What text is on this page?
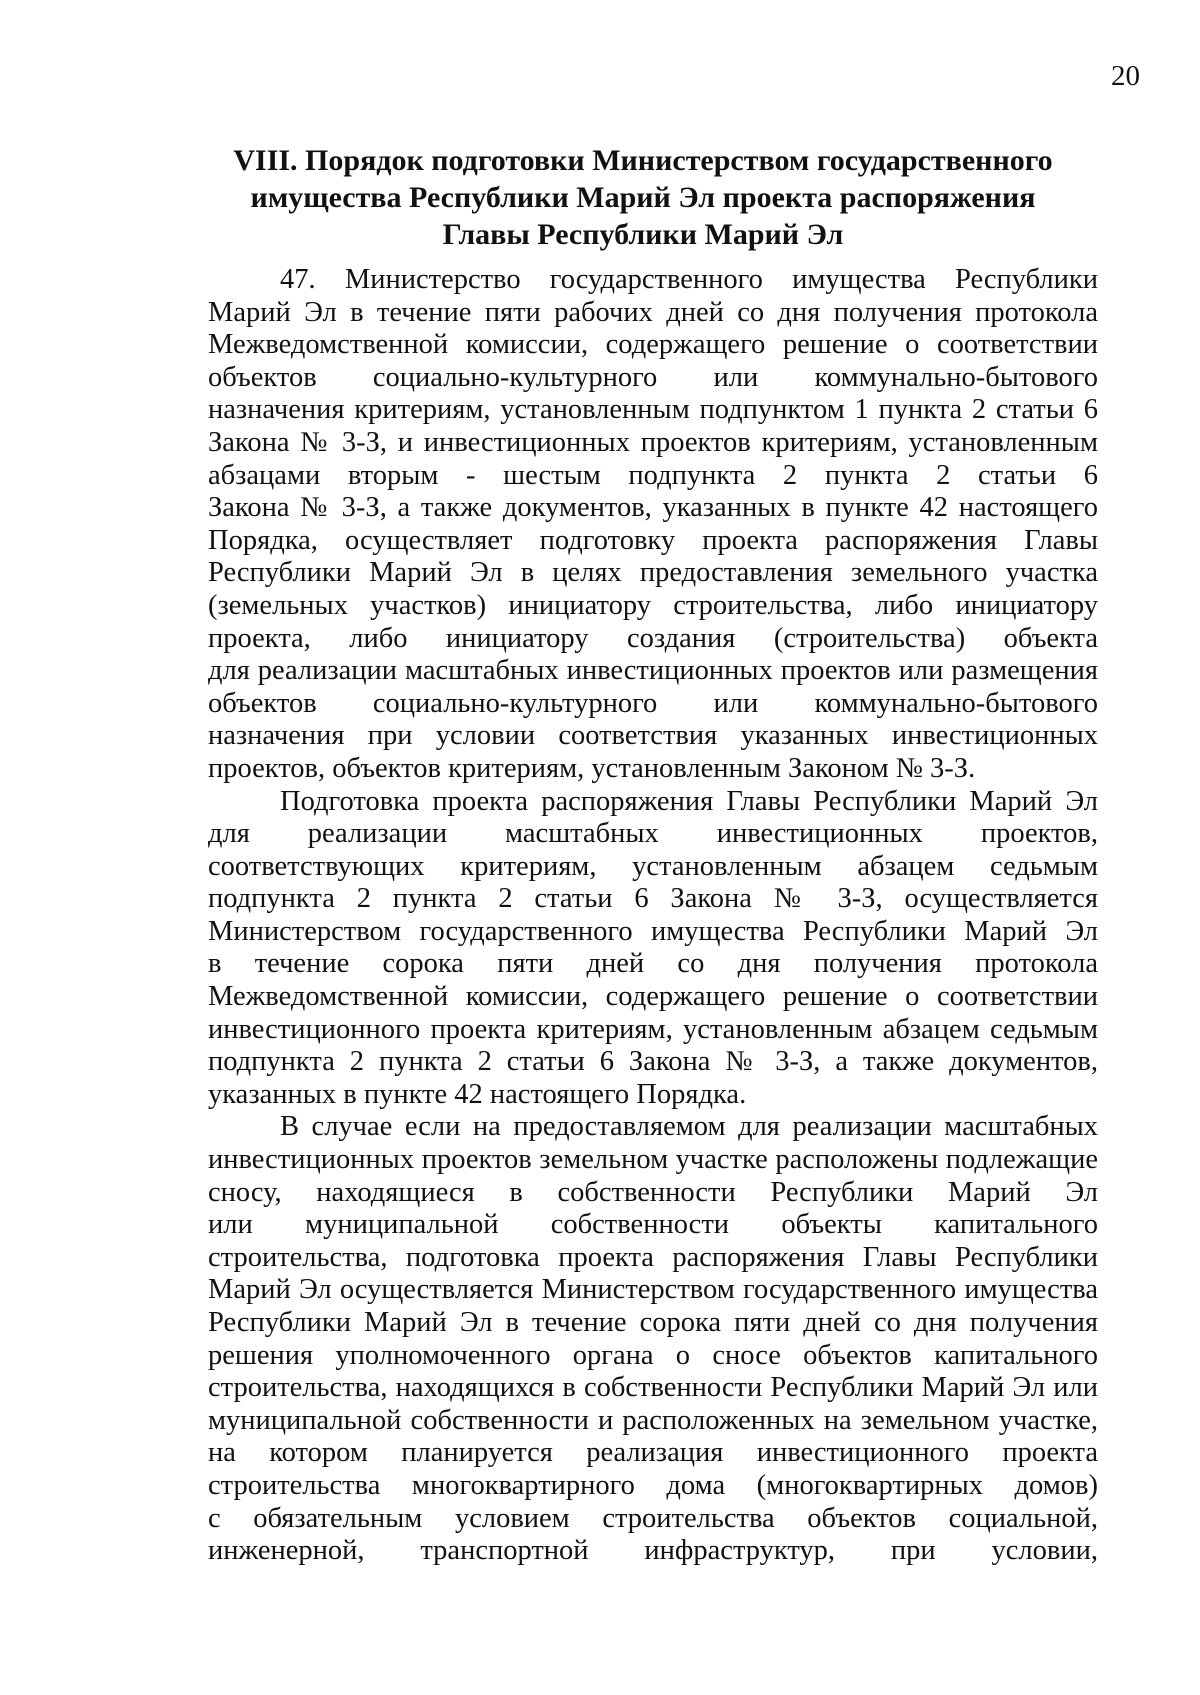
20
VIII. Порядок подготовки Министерством государственного
имущества Республики Марий Эл проекта распоряжения
Главы Республики Марий Эл
47. Министерство государственного имущества Республики
Марий Эл в течение пяти рабочих дней со дня получения протокола
Межведомственной комиссии, содержащего решение о соответствии
объектов социально-культурного или коммунально-бытового
назначения критериям, установленным подпунктом 1 пункта 2 статьи 6
Закона № 3-З, и инвестиционных проектов критериям, установленным
абзацами вторым - шестым подпункта 2 пункта 2 статьи 6
Закона № 3-З, а также документов, указанных в пункте 42 настоящего
Порядка, осуществляет подготовку проекта распоряжения Главы
Республики Марий Эл в целях предоставления земельного участка
(земельных участков) инициатору строительства, либо инициатору
проекта, либо инициатору создания (строительства) объекта
для реализации масштабных инвестиционных проектов или размещения
объектов социально-культурного или коммунально-бытового
назначения при условии соответствия указанных инвестиционных
проектов, объектов критериям, установленным Законом № 3-З.
Подготовка проекта распоряжения Главы Республики Марий Эл
для реализации масштабных инвестиционных проектов,
соответствующих критериям, установленным абзацем седьмым
подпункта 2 пункта 2 статьи 6 Закона № 3-З, осуществляется
Министерством государственного имущества Республики Марий Эл
в течение сорока пяти дней со дня получения протокола
Межведомственной комиссии, содержащего решение о соответствии
инвестиционного проекта критериям, установленным абзацем седьмым
подпункта 2 пункта 2 статьи 6 Закона № 3-З, а также документов,
указанных в пункте 42 настоящего Порядка.
В случае если на предоставляемом для реализации масштабных
инвестиционных проектов земельном участке расположены подлежащие
сносу, находящиеся в собственности Республики Марий Эл
или муниципальной собственности объекты капитального
строительства, подготовка проекта распоряжения Главы Республики
Марий Эл осуществляется Министерством государственного имущества
Республики Марий Эл в течение сорока пяти дней со дня получения
решения уполномоченного органа о сносе объектов капитального
строительства, находящихся в собственности Республики Марий Эл или
муниципальной собственности и расположенных на земельном участке,
на котором планируется реализация инвестиционного проекта
строительства многоквартирного дома (многоквартирных домов)
с обязательным условием строительства объектов социальной,
инженерной, транспортной инфраструктур, при условии,
